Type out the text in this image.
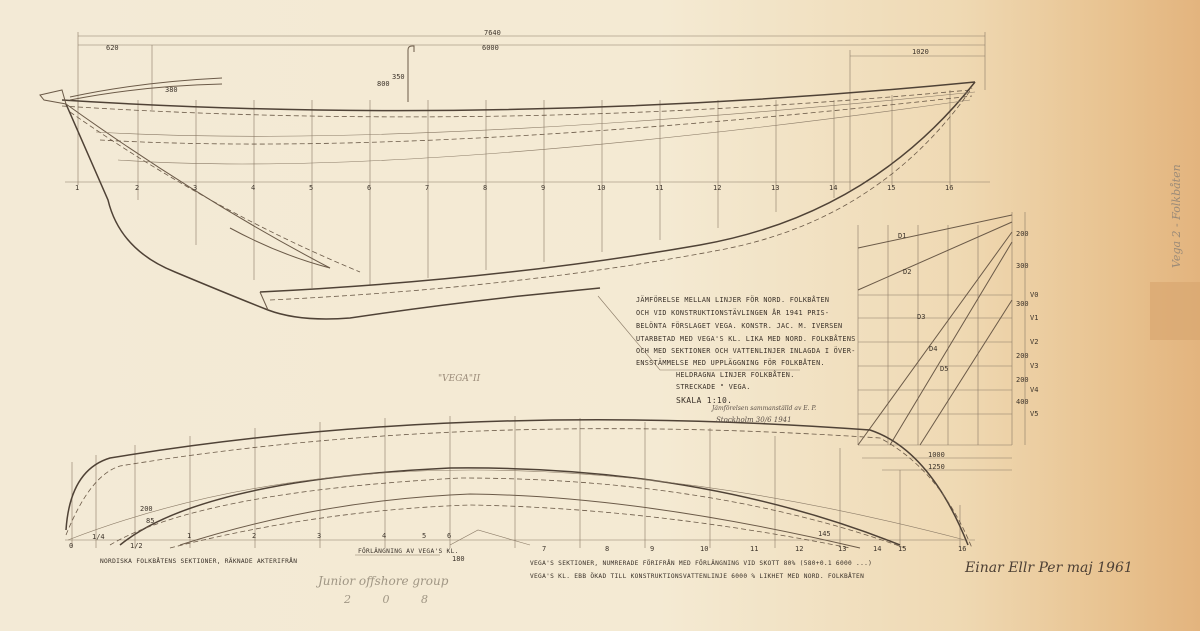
7640
6000
620	1020
380
800
350
1	2	3	4	5	6	7	8	9	10	11	12	13	14	15	16
JÄMFÖRELSE MELLAN LINJER FÖR NORD. FOLKBÅTEN
OCH VID KONSTRUKTIONSTÄVLINGEN ÅR 1941 PRIS-
BELÖNTA FÖRSLAGET VEGA. KONSTR. JAC. M. IVERSEN
UTARBETAD MED VEGA'S KL. LIKA MED NORD. FOLKBÅTENS
OCH MED SEKTIONER OCH VATTENLINJER INLAGDA I ÖVER-
ENSSTÄMMELSE MED UPPLÄGGNING FÖR FOLKBÅTEN.
HELDRAGNA LINJER FOLKBÅTEN.
STRECKADE " VEGA.
SKALA 1:10.
Jämförelsen sammanställd av E. P.
Stockholm 30/6 1941
"VEGA"II
D1
D2
D3
D4
D5
V0
V1
V2
V3
V4
V5
200
300
300
200
200
400
1000
1250
0
1/4
1/2
1	2	3	4	5	6
7	8	9	10	11	12	13	14 15	16
200
85
145
180
NORDISKA FOLKBÅTENS SEKTIONER, RÄKNADE AKTERIFRÅN
FÖRLÄNGNING AV VEGA'S KL.
VEGA'S SEKTIONER, NUMRERADE FÖRIFRÅN MED FÖRLÄNGNING VID SKOTT 80% (580+0.1 6000 ...)
VEGA'S KL. EBB ÖKAD TILL KONSTRUKTIONSVATTENLINJE 6000 % LIKHET MED NORD. FOLKBÅTEN
Einar Ellr Per maj 1961
Junior offshore group
2 0 8
Vega 2 - Folkbåten
